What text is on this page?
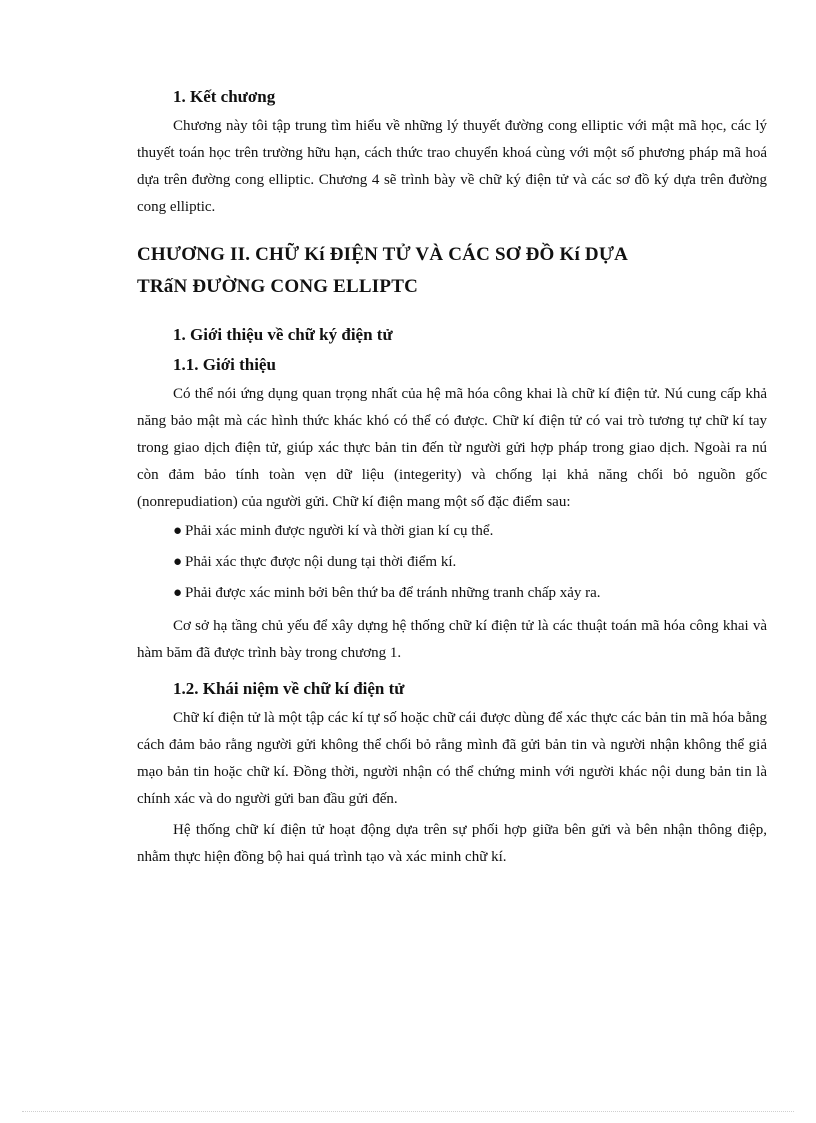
1. Kết chương

Chương này tôi tập trung tìm hiểu về những lý thuyết đường cong elliptic với mật mã học, các lý thuyết toán học trên trường hữu hạn, cách thức trao chuyển khoá cùng với một số phương pháp mã hoá dựa trên đường cong elliptic. Chương 4 sẽ trình bày về chữ ký điện tử và các sơ đồ ký dựa trên đường cong elliptic.

CHƯƠNG II. CHỮ Kí ĐIỆN TỬ VÀ CÁC SƠ ĐỒ Kí DỰA
TRấN ĐƯỜNG CONG ELLIPTC
1. Giới thiệu về chữ ký điện tử
1.1. Giới thiệu

Có thể nói ứng dụng quan trọng nhất của hệ mã hóa công khai là chữ kí điện tử. Nú cung cấp khả năng bảo mật mà các hình thức khác khó có thể có được. Chữ kí điện tử có vai trò tương tự chữ kí tay trong giao dịch điện tử, giúp xác thực bản tin đến từ người gửi hợp pháp trong giao dịch. Ngoài ra nú còn đảm bảo tính toàn vẹn dữ liệu (integerity) và chống lại khả năng chối bỏ nguồn gốc (nonrepudiation) của người gửi. Chữ kí điện mang một số đặc điểm sau:

● Phải xác minh được người kí và thời gian kí cụ thể.
● Phải xác thực được nội dung tại thời điểm kí.
● Phải được xác minh bởi bên thứ ba để tránh những tranh chấp xảy ra.

Cơ sở hạ tầng chủ yếu để xây dựng hệ thống chữ kí điện tử là các thuật toán mã hóa công khai và hàm băm đã được trình bày trong chương 1.

1.2. Khái niệm về chữ kí điện tử

Chữ kí điện tử là một tập các kí tự số hoặc chữ cái được dùng để xác thực các bản tin mã hóa bằng cách đảm bảo rằng người gửi không thể chối bỏ rằng mình đã gửi bản tin và người nhận không thể giả mạo bản tin hoặc chữ kí. Đồng thời, người nhận có thể chứng minh với người khác nội dung bản tin là chính xác và do người gửi ban đầu gửi đến.

Hệ thống chữ kí điện tử hoạt động dựa trên sự phối hợp giữa bên gửi và bên nhận thông điệp, nhằm thực hiện đồng bộ hai quá trình tạo và xác minh chữ kí.
